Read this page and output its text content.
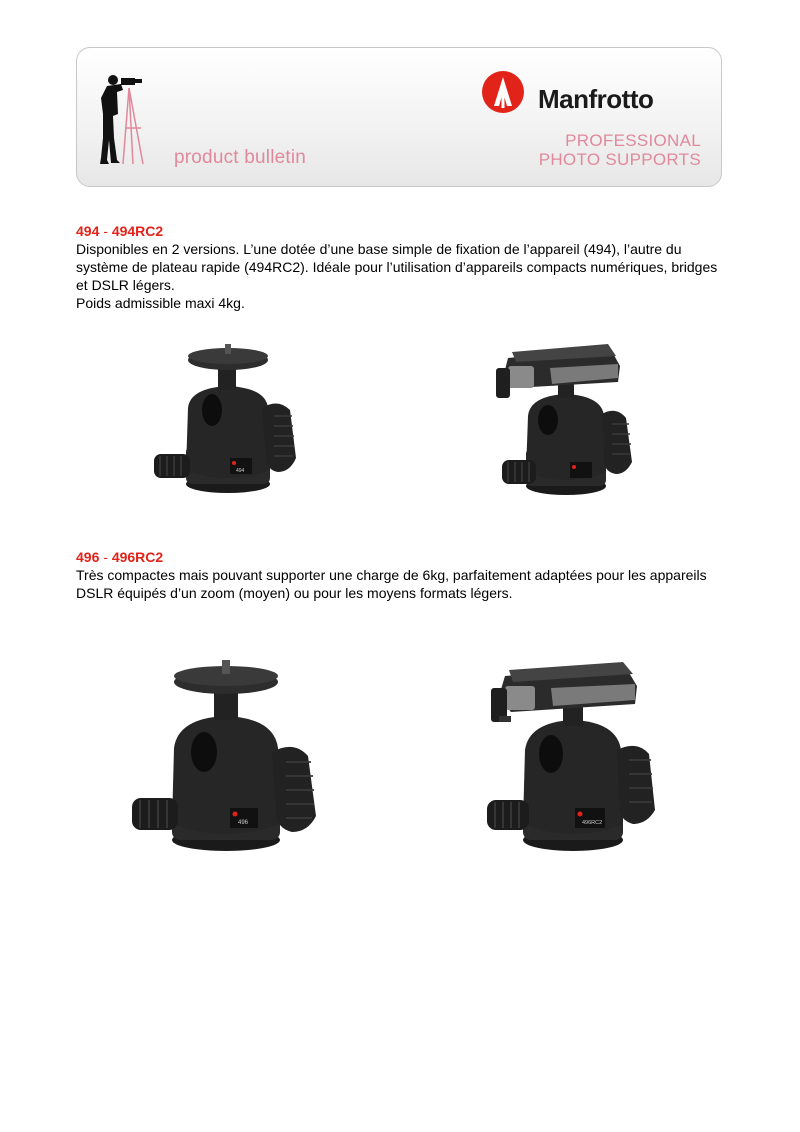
product bulletin
Manfrotto
PROFESSIONAL
PHOTO SUPPORTS
494 - 494RC2

Disponibles en 2 versions. L’une dotée d’une base simple de fixation de l’appareil (494), l’autre du système de plateau rapide (494RC2). Idéale pour l’utilisation d’appareils compacts numériques, bridges et DSLR légers.

Poids admissible maxi 4kg.

494
496 - 496RC2

Très compactes mais pouvant supporter une charge de 6kg, parfaitement adaptées pour les appareils DSLR équipés d’un zoom (moyen) ou pour les moyens formats légers.

496	496RC2
